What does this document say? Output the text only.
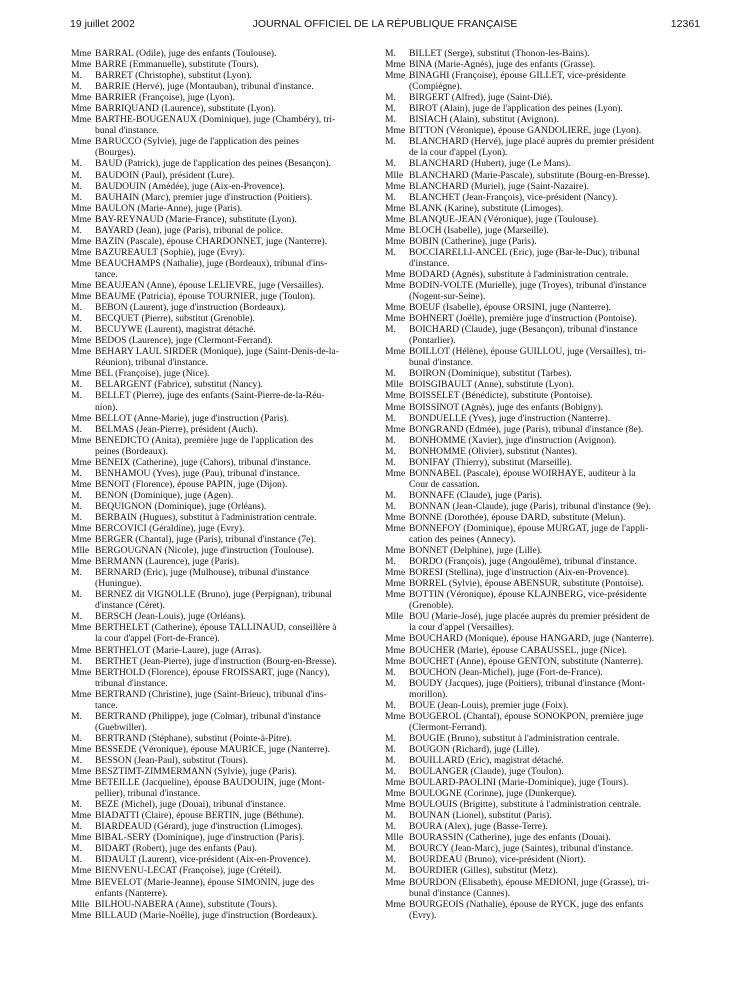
19 juillet 2002	JOURNAL OFFICIEL DE LA RÉPUBLIQUE FRANÇAISE	12361
Mme BARRAL (Odile), juge des enfants (Toulouse).
Mme BARRE (Emmanuelle), substitute (Tours).
M. BARRET (Christophe), substitut (Lyon).
M. BARRIE (Hervé), juge (Montauban), tribunal d'instance.
Mme BARRIER (Françoise), juge (Lyon).
Mme BARRIQUAND (Laurence), substitute (Lyon).
Mme BARTHE-BOUGENAUX (Dominique), juge (Chambéry), tri-
bunal d'instance.
Mme BARUCCO (Sylvie), juge de l'application des peines
(Bourges).
M. BAUD (Patrick), juge de l'application des peines (Besançon).
M. BAUDOIN (Paul), président (Lure).
M. BAUDOUIN (Amédée), juge (Aix-en-Provence).
M. BAUHAIN (Marc), premier juge d'instruction (Poitiers).
Mme BAULON (Marie-Anne), juge (Paris).
Mme BAY-REYNAUD (Marie-France), substitute (Lyon).
M. BAYARD (Jean), juge (Paris), tribunal de police.
Mme BAZIN (Pascale), épouse CHARDONNET, juge (Nanterre).
Mme BAZUREAULT (Sophie), juge (Evry).
Mme BEAUCHAMPS (Nathalie), juge (Bordeaux), tribunal d'ins-
tance.
Mme BEAUJEAN (Anne), épouse LELIEVRE, juge (Versailles).
Mme BEAUME (Patricia), épouse TOURNIER, juge (Toulon).
M. BEBON (Laurent), juge d'instruction (Bordeaux).
M. BECQUET (Pierre), substitut (Grenoble).
M. BECUYWE (Laurent), magistrat détaché.
Mme BEDOS (Laurence), juge (Clermont-Ferrand).
Mme BEHARY LAUL SIRDER (Monique), juge (Saint-Denis-de-la-
Réunion), tribunal d'instance.
Mme BEL (Françoise), juge (Nice).
M. BELARGENT (Fabrice), substitut (Nancy).
M. BELLET (Pierre), juge des enfants (Saint-Pierre-de-la-Réu-
nion).
Mme BELLOT (Anne-Marie), juge d'instruction (Paris).
M. BELMAS (Jean-Pierre), président (Auch).
Mme BENEDICTO (Anita), première juge de l'application des
peines (Bordeaux).
Mme BENEIX (Catherine), juge (Cahors), tribunal d'instance.
M. BENHAMOU (Yves), juge (Pau), tribunal d'instance.
Mme BENOIT (Florence), épouse PAPIN, juge (Dijon).
M. BENON (Dominique), juge (Agen).
M. BEQUIGNON (Dominique), juge (Orléans).
M. BERBAIN (Hugues), substitut à l'administration centrale.
Mme BERCOVICI (Géraldine), juge (Evry).
Mme BERGER (Chantal), juge (Paris), tribunal d'instance (7e).
Mlle BERGOUGNAN (Nicole), juge d'instruction (Toulouse).
Mme BERMANN (Laurence), juge (Paris).
M. BERNARD (Eric), juge (Mulhouse), tribunal d'instance
(Huningue).
M. BERNEZ dit VIGNOLLE (Bruno), juge (Perpignan), tribunal
d'instance (Céret).
M. BERSCH (Jean-Louis), juge (Orléans).
Mme BERTHELET (Catherine), épouse TALLINAUD, conseillère à
la cour d'appel (Fort-de-France).
Mme BERTHELOT (Marie-Laure), juge (Arras).
M. BERTHET (Jean-Pierre), juge d'instruction (Bourg-en-Bresse).
Mme BERTHOLD (Florence), épouse FROISSART, juge (Nancy),
tribunal d'instance.
Mme BERTRAND (Christine), juge (Saint-Brieuc), tribunal d'ins-
tance.
M. BERTRAND (Philippe), juge (Colmar), tribunal d'instance
(Guebwiller).
M. BERTRAND (Stéphane), substitut (Pointe-à-Pitre).
Mme BESSEDE (Véronique), épouse MAURICE, juge (Nanterre).
M. BESSON (Jean-Paul), substitut (Tours).
Mme BESZTIMT-ZIMMERMANN (Sylvie), juge (Paris).
Mme BETEILLE (Jacqueline), épouse BAUDOUIN, juge (Mont-
pellier), tribunal d'instance.
M. BEZE (Michel), juge (Douai), tribunal d'instance.
Mme BIADATTI (Claire), épouse BERTIN, juge (Béthune).
M. BIARDEAUD (Gérard), juge d'instruction (Limoges).
Mme BIBAL-SERY (Dominique), juge d'instruction (Paris).
M. BIDART (Robert), juge des enfants (Pau).
M. BIDAULT (Laurent), vice-président (Aix-en-Provence).
Mme BIENVENU-LECAT (Françoise), juge (Créteil).
Mme BIEVELOT (Marie-Jeanne), épouse SIMONIN, juge des
enfants (Nanterre).
Mlle BILHOU-NABERA (Anne), substitute (Tours).
Mme BILLAUD (Marie-Noëlle), juge d'instruction (Bordeaux).
M. BILLET (Serge), substitut (Thonon-les-Bains).
Mme BINA (Marie-Agnès), juge des enfants (Grasse).
Mme BINAGHI (Françoise), épouse GILLET, vice-présidente
(Compiègne).
M. BIRGERT (Alfred), juge (Saint-Dié).
M. BIROT (Alain), juge de l'application des peines (Lyon).
M. BISIACH (Alain), substitut (Avignon).
Mme BITTON (Véronique), épouse GANDOLIERE, juge (Lyon).
M. BLANCHARD (Hervé), juge placé auprès du premier président
de la cour d'appel (Lyon).
M. BLANCHARD (Hubert), juge (Le Mans).
Mlle BLANCHARD (Marie-Pascale), substitute (Bourg-en-Bresse).
Mme BLANCHARD (Muriel), juge (Saint-Nazaire).
M. BLANCHET (Jean-François), vice-président (Nancy).
Mme BLANK (Karine), substitute (Limoges).
Mme BLANQUE-JEAN (Véronique), juge (Toulouse).
Mme BLOCH (Isabelle), juge (Marseille).
Mme BOBIN (Catherine), juge (Paris).
M. BOCCIARELLI-ANCEL (Eric), juge (Bar-le-Duc), tribunal
d'instance.
Mme BODARD (Agnès), substitute à l'administration centrale.
Mme BODIN-VOLTE (Murielle), juge (Troyes), tribunal d'instance
(Nogent-sur-Seine).
Mme BOEUF (Isabelle), épouse ORSINI, juge (Nanterre).
Mme BOHNERT (Joëlle), première juge d'instruction (Pontoise).
M. BOICHARD (Claude), juge (Besançon), tribunal d'instance
(Pontarlier).
Mme BOILLOT (Hélène), épouse GUILLOU, juge (Versailles), tri-
bunal d'instance.
M. BOIRON (Dominique), substitut (Tarbes).
Mlle BOISGIBAULT (Anne), substitute (Lyon).
Mme BOISSELET (Bénédicte), substitute (Pontoise).
Mme BOISSINOT (Agnès), juge des enfants (Bobigny).
M. BONDUELLE (Yves), juge d'instruction (Nanterre).
Mme BONGRAND (Edmée), juge (Paris), tribunal d'instance (8e).
M. BONHOMME (Xavier), juge d'instruction (Avignon).
M. BONHOMME (Olivier), substitut (Nantes).
M. BONIFAY (Thierry), substitut (Marseille).
Mme BONNABEL (Pascale), épouse WOIRHAYE, auditeur à la
Cour de cassation.
M. BONNAFE (Claude), juge (Paris).
M. BONNAN (Jean-Claude), juge (Paris), tribunal d'instance (9e).
Mme BONNE (Dorothée), épouse DARD, substitute (Melun).
Mme BONNEFOY (Dominique), épouse MURGAT, juge de l'appli-
cation des peines (Annecy).
Mme BONNET (Delphine), juge (Lille).
M. BORDO (François), juge (Angoulême), tribunal d'instance.
Mme BORESI (Stellina), juge d'instruction (Aix-en-Provence).
Mme BORREL (Sylvie), épouse ABENSUR, substitute (Pontoise).
Mme BOTTIN (Véronique), épouse KLAJNBERG, vice-présidente
(Grenoble).
Mlle BOU (Marie-José), juge placée auprès du premier président de
la cour d'appel (Versailles).
Mme BOUCHARD (Monique), épouse HANGARD, juge (Nanterre).
Mme BOUCHER (Marie), épouse CABAUSSEL, juge (Nice).
Mme BOUCHET (Anne), épouse GENTON, substitute (Nanterre).
M. BOUCHON (Jean-Michel), juge (Fort-de-France).
M. BOUDY (Jacques), juge (Poitiers), tribunal d'instance (Mont-
morillon).
M. BOUE (Jean-Louis), premier juge (Foix).
Mme BOUGEROL (Chantal), épouse SONOKPON, première juge
(Clermont-Ferrand).
M. BOUGIE (Bruno), substitut à l'administration centrale.
M. BOUGON (Richard), juge (Lille).
M. BOUILLARD (Eric), magistrat détaché.
M. BOULANGER (Claude), juge (Toulon).
Mme BOULARD-PAOLINI (Marie-Dominique), juge (Tours).
Mme BOULOGNE (Corinne), juge (Dunkerque).
Mme BOULOUIS (Brigitte), substitute à l'administration centrale.
M. BOUNAN (Lionel), substitut (Paris).
M. BOURA (Alex), juge (Basse-Terre).
Mlle BOURASSIN (Catherine), juge des enfants (Douai).
M. BOURCY (Jean-Marc), juge (Saintes), tribunal d'instance.
M. BOURDEAU (Bruno), vice-président (Niort).
M. BOURDIER (Gilles), substitut (Metz).
Mme BOURDON (Elisabeth), épouse MEDIONI, juge (Grasse), tri-
bunal d'instance (Cannes).
Mme BOURGEOIS (Nathalie), épouse de RYCK, juge des enfants
(Evry).
